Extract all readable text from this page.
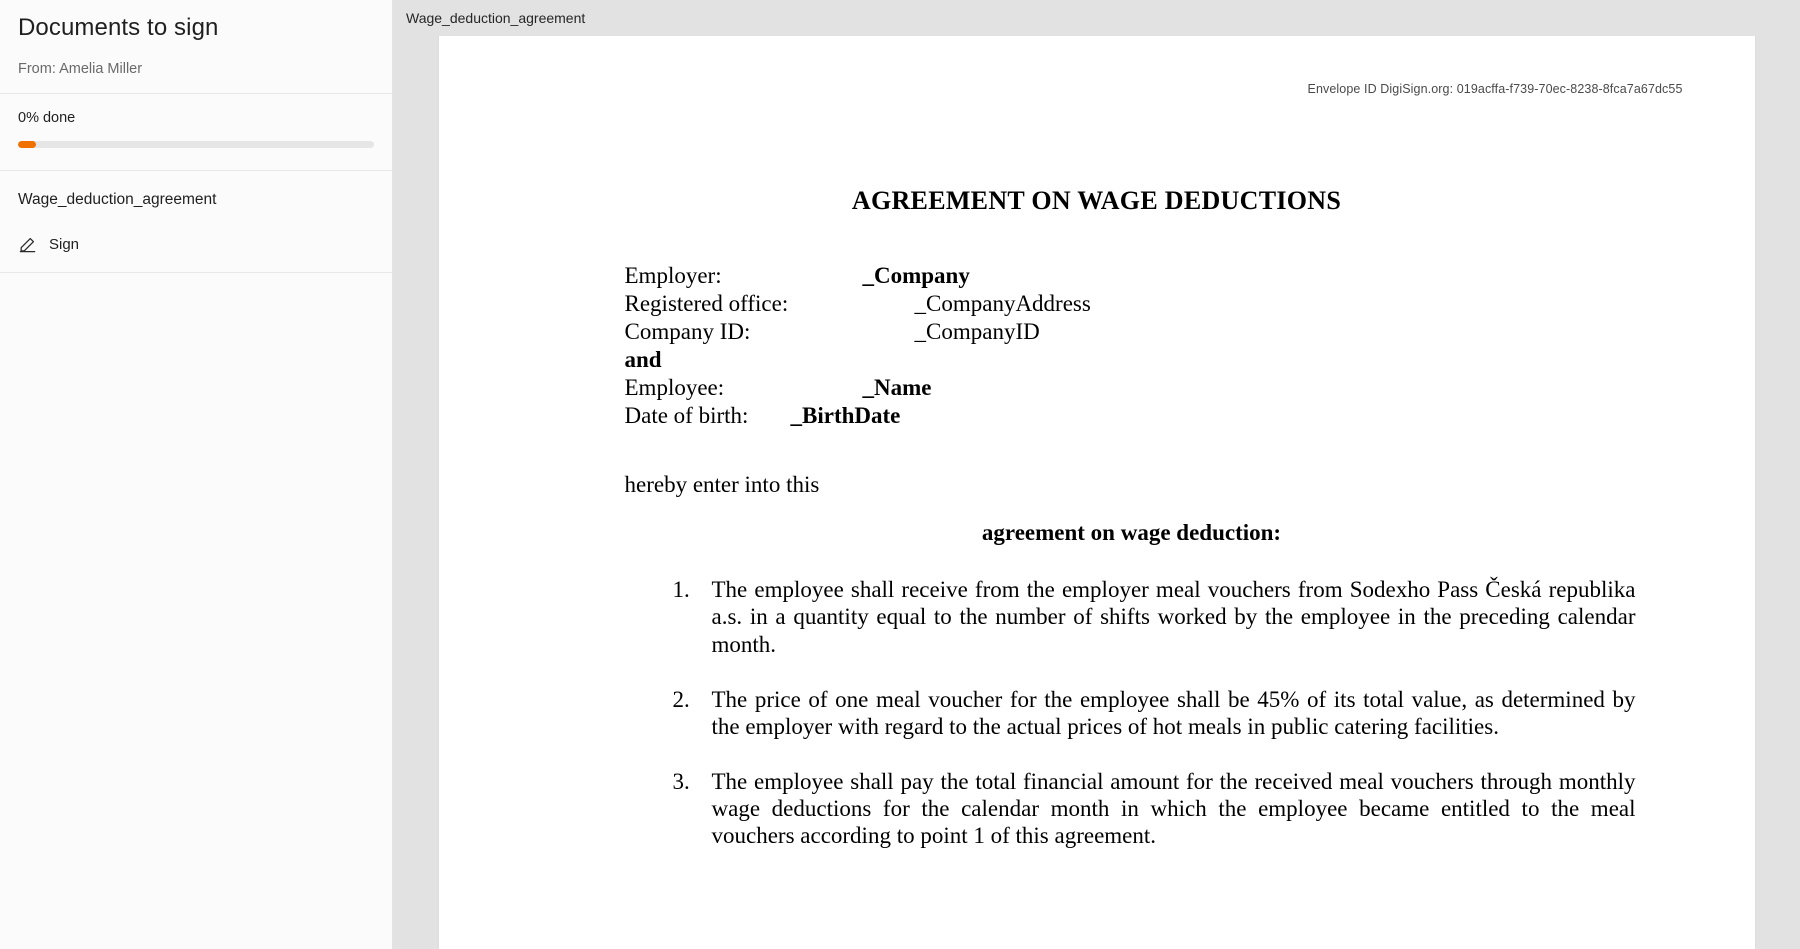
Documents to sign
From: Amelia Miller
0% done
Wage_deduction_agreement
Sign
Wage_deduction_agreement
Envelope ID DigiSign.org: 019acffa-f739-70ec-8238-8fca7a67dc55
AGREEMENT ON WAGE DEDUCTIONS
Employer:	_Company
Registered office:	_CompanyAddress
Company ID:	_CompanyID
and
Employee:	_Name
Date of birth:	_BirthDate
hereby enter into this
agreement on wage deduction:
1. The employee shall receive from the employer meal vouchers from Sodexho Pass Česká republika a.s. in a quantity equal to the number of shifts worked by the employee in the preceding calendar month.
2. The price of one meal voucher for the employee shall be 45% of its total value, as determined by the employer with regard to the actual prices of hot meals in public catering facilities.
3. The employee shall pay the total financial amount for the received meal vouchers through monthly wage deductions for the calendar month in which the employee became entitled to the meal vouchers according to point 1 of this agreement.
